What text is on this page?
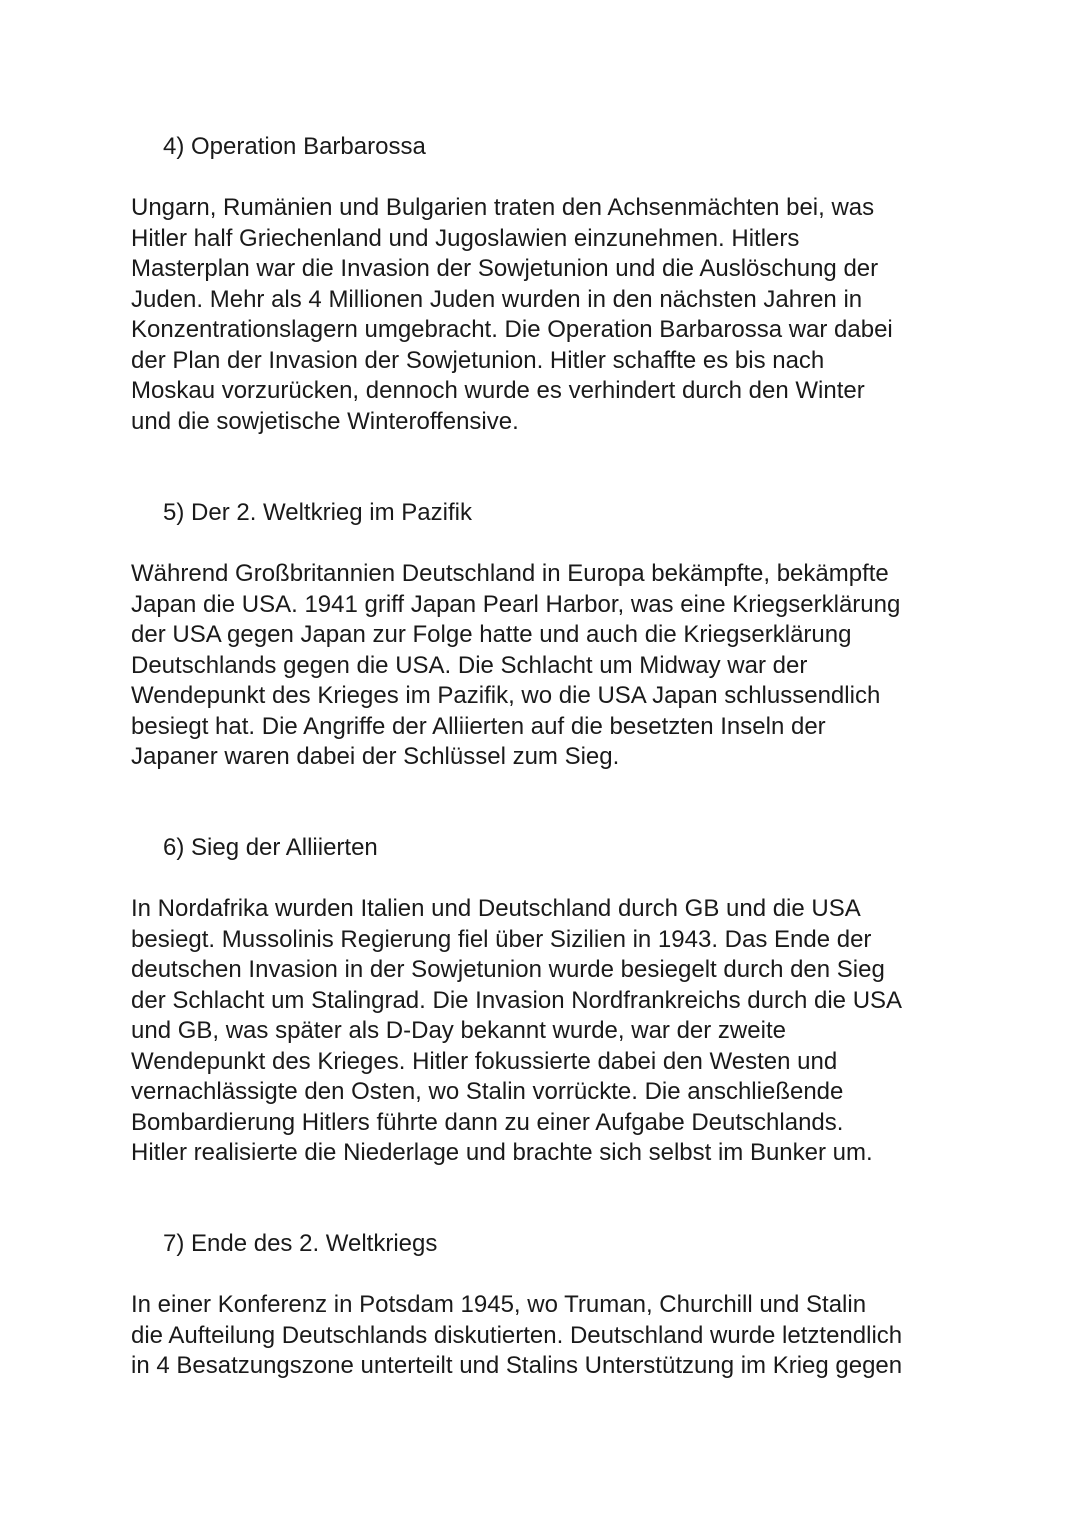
4) Operation Barbarossa
Ungarn, Rumänien und Bulgarien traten den Achsenmächten bei, was
Hitler half Griechenland und Jugoslawien einzunehmen. Hitlers
Masterplan war die Invasion der Sowjetunion und die Auslöschung der
Juden. Mehr als 4 Millionen Juden wurden in den nächsten Jahren in
Konzentrationslagern umgebracht. Die Operation Barbarossa war dabei
der Plan der Invasion der Sowjetunion. Hitler schaffte es bis nach
Moskau vorzurücken, dennoch wurde es verhindert durch den Winter
und die sowjetische Winteroffensive.
5) Der 2. Weltkrieg im Pazifik
Während Großbritannien Deutschland in Europa bekämpfte, bekämpfte
Japan die USA. 1941 griff Japan Pearl Harbor, was eine Kriegserklärung
der USA gegen Japan zur Folge hatte und auch die Kriegserklärung
Deutschlands gegen die USA. Die Schlacht um Midway war der
Wendepunkt des Krieges im Pazifik, wo die USA Japan schlussendlich
besiegt hat. Die Angriffe der Alliierten auf die besetzten Inseln der
Japaner waren dabei der Schlüssel zum Sieg.
6) Sieg der Alliierten
In Nordafrika wurden Italien und Deutschland durch GB und die USA
besiegt. Mussolinis Regierung fiel über Sizilien in 1943. Das Ende der
deutschen Invasion in der Sowjetunion wurde besiegelt durch den Sieg
der Schlacht um Stalingrad. Die Invasion Nordfrankreichs durch die USA
und GB, was später als D-Day bekannt wurde, war der zweite
Wendepunkt des Krieges. Hitler fokussierte dabei den Westen und
vernachlässigte den Osten, wo Stalin vorrückte. Die anschließende
Bombardierung Hitlers führte dann zu einer Aufgabe Deutschlands.
Hitler realisierte die Niederlage und brachte sich selbst im Bunker um.
7) Ende des 2. Weltkriegs
In einer Konferenz in Potsdam 1945, wo Truman, Churchill und Stalin
die Aufteilung Deutschlands diskutierten. Deutschland wurde letztendlich
in 4 Besatzungszone unterteilt und Stalins Unterstützung im Krieg gegen
